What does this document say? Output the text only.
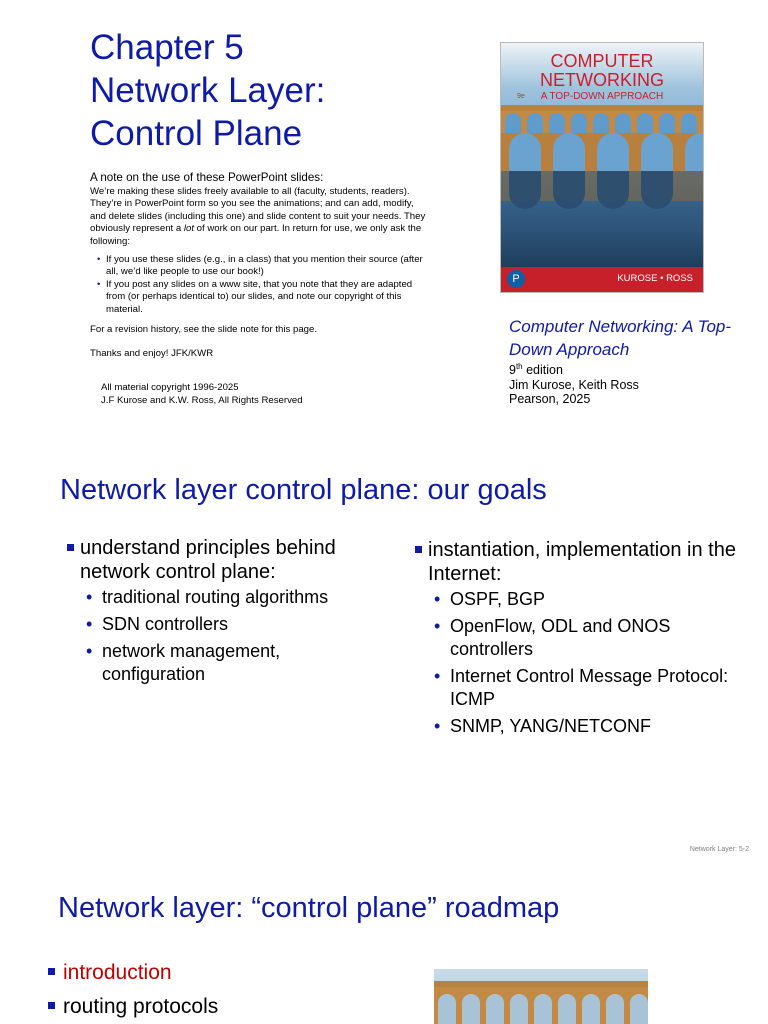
Chapter 5
Network Layer:
Control Plane
A note on the use of these PowerPoint slides:

We’re making these slides freely available to all (faculty, students, readers). They’re in PowerPoint form so you see the animations; and can add, modify, and delete slides (including this one) and slide content to suit your needs. They obviously represent a lot of work on our part. In return for use, we only ask the following:

• If you use these slides (e.g., in a class) that you mention their source (after all, we’d like people to use our book!)
• If you post any slides on a www site, that you note that they are adapted from (or perhaps identical to) our slides, and note our copyright of this material.

For a revision history, see the slide note for this page.

Thanks and enjoy! JFK/KWR

All material copyright 1996-2025
J.F Kurose and K.W. Ross, All Rights Reserved
COMPUTER
NETWORKING
A TOP-DOWN APPROACH
9e
P	KUROSE • ROSS
Computer Networking: A Top-Down Approach
9th edition
Jim Kurose, Keith Ross
Pearson, 2025
Network layer control plane: our goals
understand principles behind network control plane:
• traditional routing algorithms
• SDN controllers
• network management, configuration
instantiation, implementation in the Internet:
• OSPF, BGP
• OpenFlow, ODL and ONOS controllers
• Internet Control Message Protocol: ICMP
• SNMP, YANG/NETCONF
Network Layer: 5-2
Network layer: “control plane” roadmap
introduction
routing protocols
